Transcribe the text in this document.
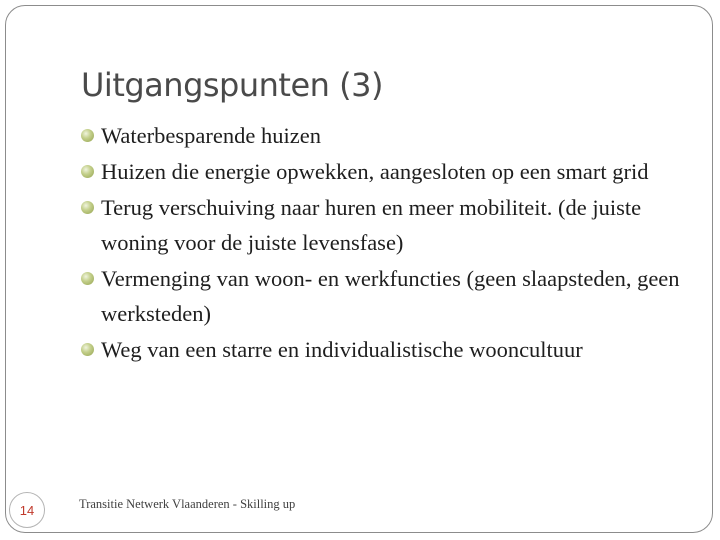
Uitgangspunten (3)
Waterbesparende huizen
Huizen die energie opwekken, aangesloten op een smart grid
Terug verschuiving naar huren en meer mobiliteit. (de juiste woning voor de juiste levensfase)
Vermenging van woon- en werkfuncties (geen slaapsteden, geen werksteden)
Weg van een starre en individualistische wooncultuur
Transitie Netwerk Vlaanderen - Skilling up
14
